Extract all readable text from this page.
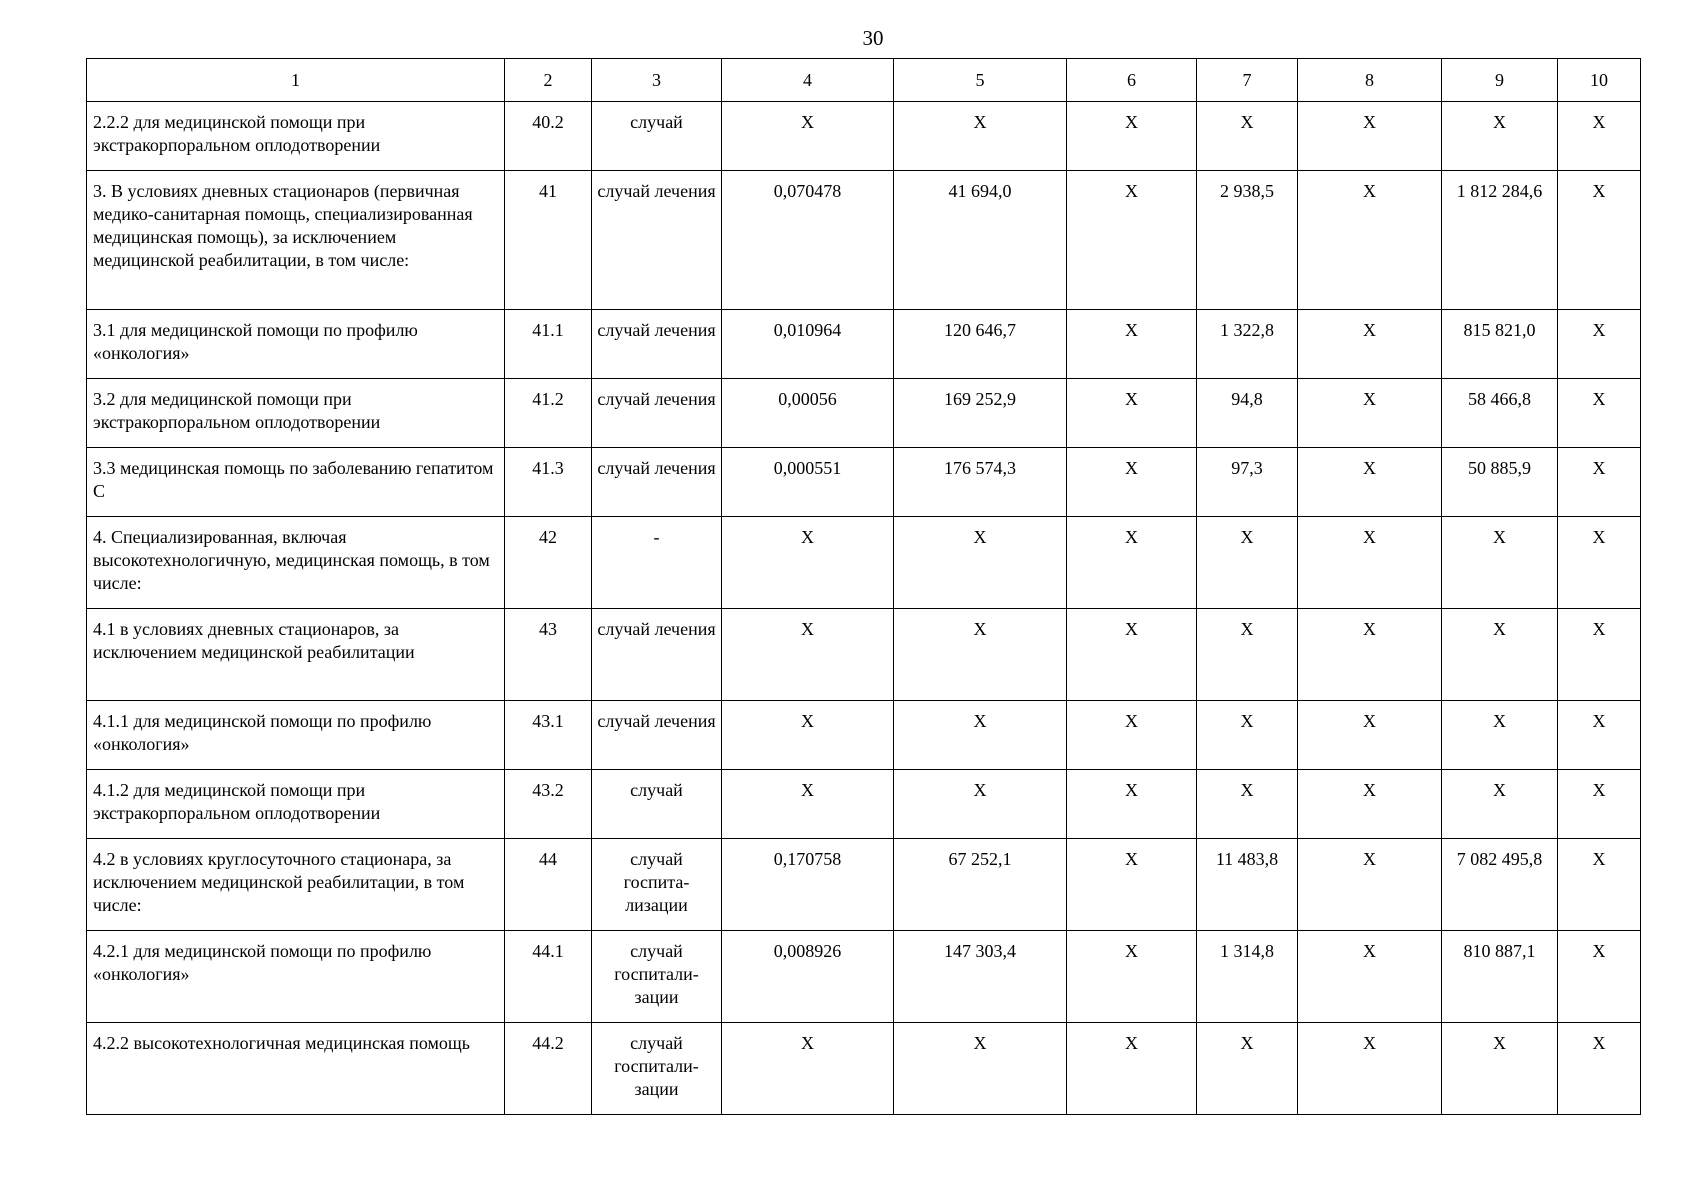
30
1	2	3	4	5	6	7	8	9	10
2.2.2 для медицинской помощи при экстракорпоральном оплодотворении	40.2	случай	X	X	X	X	X	X	X
3. В условиях дневных стационаров (первичная медико-санитарная помощь, специализированная медицинская помощь), за исключением медицинской реабилитации, в том числе:	41	случай лечения	0,070478	41 694,0	X	2 938,5	X	1 812 284,6	X
3.1 для медицинской помощи по профилю «онкология»	41.1	случай лечения	0,010964	120 646,7	X	1 322,8	X	815 821,0	X
3.2 для медицинской помощи при экстракорпоральном оплодотворении	41.2	случай лечения	0,00056	169 252,9	X	94,8	X	58 466,8	X
3.3 медицинская помощь по заболеванию гепатитом С	41.3	случай лечения	0,000551	176 574,3	X	97,3	X	50 885,9	X
4. Специализированная, включая высокотехнологичную, медицинская помощь, в том числе:	42	-	X	X	X	X	X	X	X
4.1 в условиях дневных стационаров, за исключением медицинской реабилитации	43	случай лечения	X	X	X	X	X	X	X
4.1.1 для медицинской помощи по профилю «онкология»	43.1	случай лечения	X	X	X	X	X	X	X
4.1.2 для медицинской помощи при экстракорпоральном оплодотворении	43.2	случай	X	X	X	X	X	X	X
4.2 в условиях круглосуточного стационара, за исключением медицинской реабилитации, в том числе:	44	случай госпита-лизации	0,170758	67 252,1	X	11 483,8	X	7 082 495,8	X
4.2.1 для медицинской помощи по профилю «онкология»	44.1	случай госпитали-зации	0,008926	147 303,4	X	1 314,8	X	810 887,1	X
4.2.2 высокотехнологичная медицинская помощь	44.2	случай госпитали-зации	X	X	X	X	X	X	X
